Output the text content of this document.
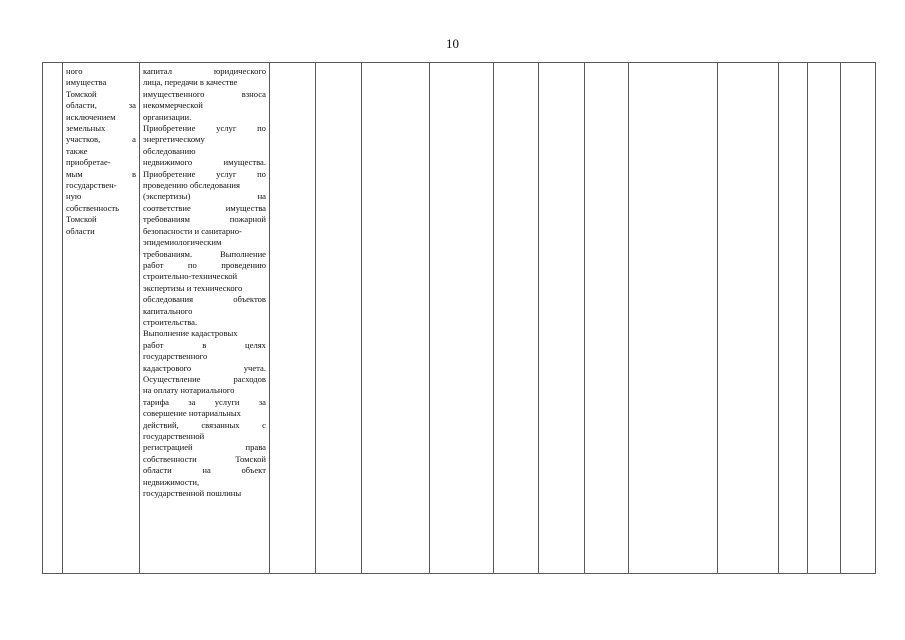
10

ного
имущества
Томской
области,	за
исключением
земельных
участков,	а
также
приобретае-
мым	в
государствен-
ную
собственность
Томской
области

капитал	юридического
лица, передачи в качестве
имущественного	взноса
некоммерческой
организации.
Приобретение услуг по
энергетическому
обследованию
недвижимого	имущества.
Приобретение услуг по
проведению обследования
(экспертизы)	на
соответствие	имущества
требованиям	пожарной
безопасности и санитарно-
эпидемиологическим
требованиям.	Выполнение
работ	по	проведению
строительно-технической
экспертизы и технического
обследования	объектов
капитального
строительства.
Выполнение кадастровых
работ	в	целях
государственного
кадастрового	учета.
Осуществление	расходов
на оплату нотариального
тарифа за услуги за
совершение нотариальных
действий,	связанных	с
государственной
регистрацией	права
собственности	Томской
области	на	объект
недвижимости,
государственной пошлины
